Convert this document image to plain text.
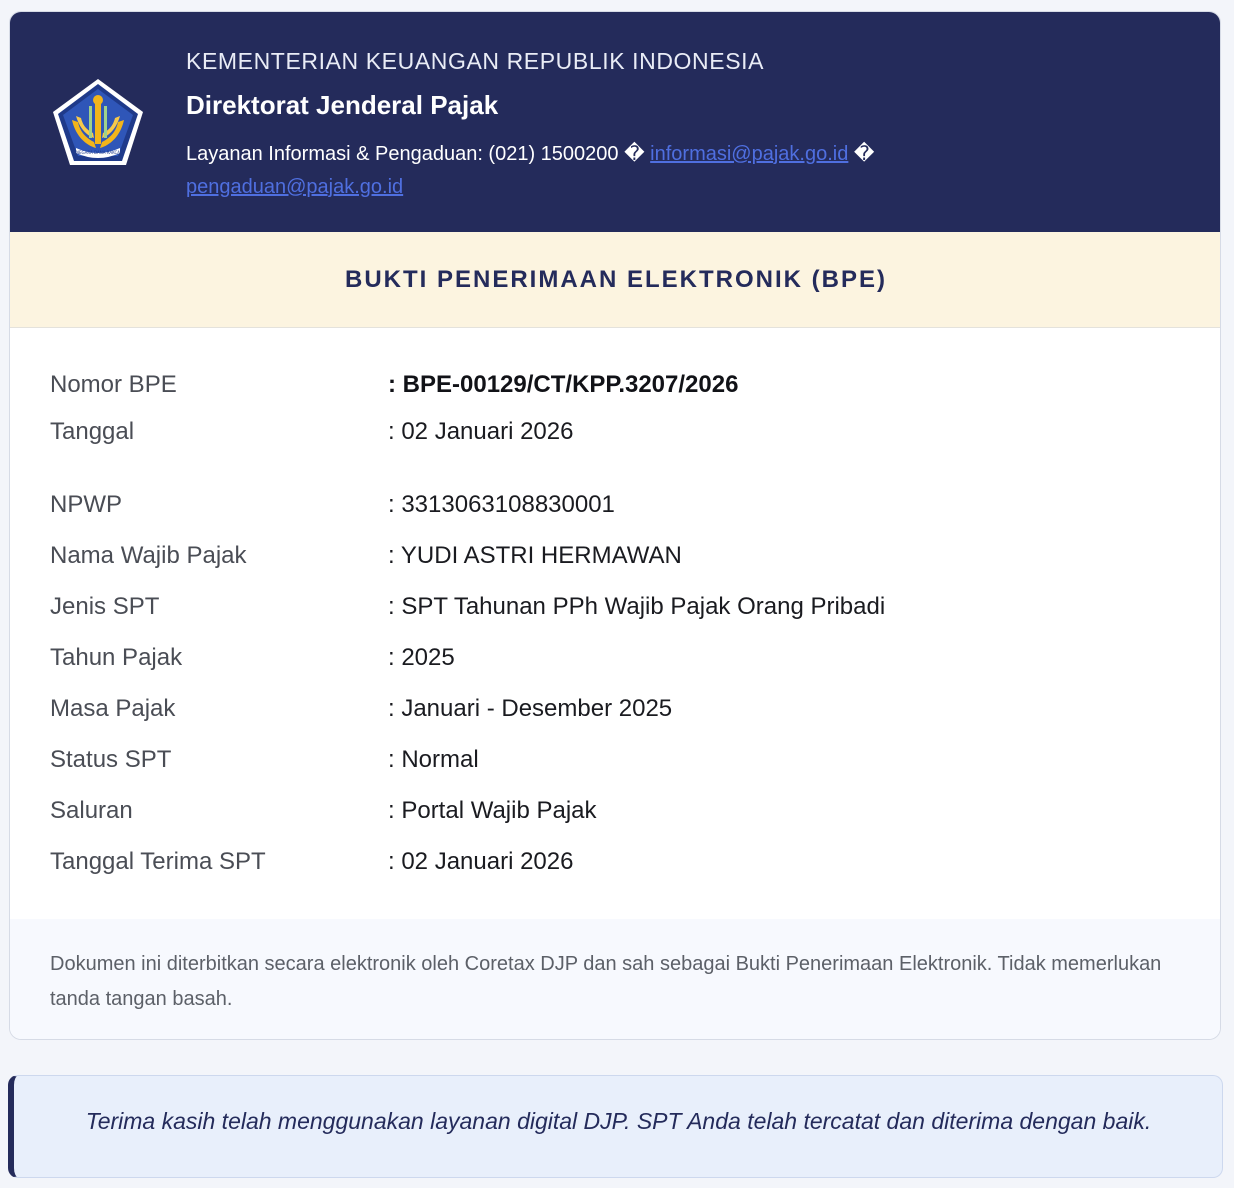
NEGARA DANA RAKCA
KEMENTERIAN KEUANGAN REPUBLIK INDONESIA
Direktorat Jenderal Pajak
Layanan Informasi & Pengaduan: (021) 1500200 � informasi@pajak.go.id �
pengaduan@pajak.go.id
BUKTI PENERIMAAN ELEKTRONIK (BPE)
Nomor BPE	: BPE-00129/CT/KPP.3207/2026
Tanggal	: 02 Januari 2026
NPWP	: 3313063108830001
Nama Wajib Pajak	: YUDI ASTRI HERMAWAN
Jenis SPT	: SPT Tahunan PPh Wajib Pajak Orang Pribadi
Tahun Pajak	: 2025
Masa Pajak	: Januari - Desember 2025
Status SPT	: Normal
Saluran	: Portal Wajib Pajak
Tanggal Terima SPT	: 02 Januari 2026
Dokumen ini diterbitkan secara elektronik oleh Coretax DJP dan sah sebagai Bukti Penerimaan Elektronik. Tidak memerlukan tanda tangan basah.
Terima kasih telah menggunakan layanan digital DJP. SPT Anda telah tercatat dan diterima dengan baik.
